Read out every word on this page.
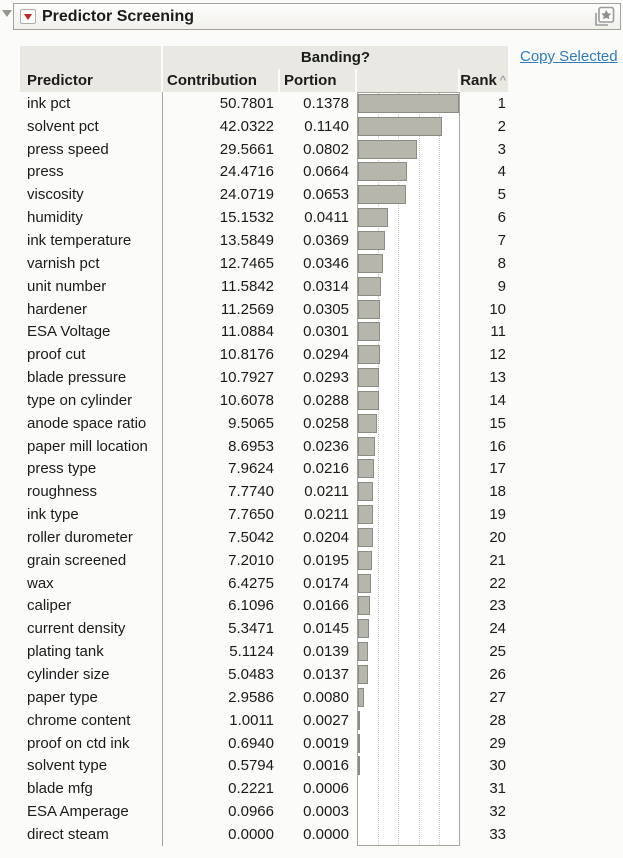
Predictor Screening
Copy Selected
Banding?
Predictor	Contribution	Portion	Rank ^
ink pct	50.7801	0.1378	1
solvent pct	42.0322	0.1140	2
press speed	29.5661	0.0802	3
press	24.4716	0.0664	4
viscosity	24.0719	0.0653	5
humidity	15.1532	0.0411	6
ink temperature	13.5849	0.0369	7
varnish pct	12.7465	0.0346	8
unit number	11.5842	0.0314	9
hardener	11.2569	0.0305	10
ESA Voltage	11.0884	0.0301	11
proof cut	10.8176	0.0294	12
blade pressure	10.7927	0.0293	13
type on cylinder	10.6078	0.0288	14
anode space ratio	9.5065	0.0258	15
paper mill location	8.6953	0.0236	16
press type	7.9624	0.0216	17
roughness	7.7740	0.0211	18
ink type	7.7650	0.0211	19
roller durometer	7.5042	0.0204	20
grain screened	7.2010	0.0195	21
wax	6.4275	0.0174	22
caliper	6.1096	0.0166	23
current density	5.3471	0.0145	24
plating tank	5.1124	0.0139	25
cylinder size	5.0483	0.0137	26
paper type	2.9586	0.0080	27
chrome content	1.0011	0.0027	28
proof on ctd ink	0.6940	0.0019	29
solvent type	0.5794	0.0016	30
blade mfg	0.2221	0.0006	31
ESA Amperage	0.0966	0.0003	32
direct steam	0.0000	0.0000	33
